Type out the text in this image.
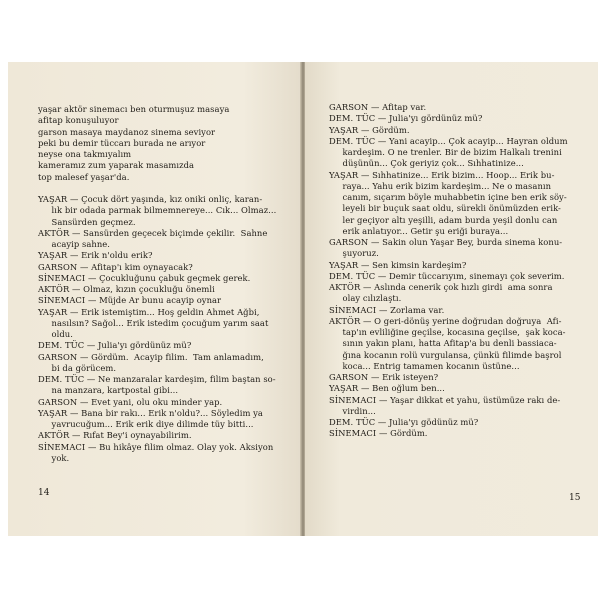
yaşar aktör sinemacı ben oturmuşuz masaya
afitap konuşuluyor
garson masaya maydanoz sinema seviyor
peki bu demir tüccarı burada ne arıyor
neyse ona takmıyalım
kameramız zum yaparak masamızda
top malesef yaşar'da.
YAŞAR — Çocuk dört yaşında, kız oniki onliç, karan-
lık bir odada parmak bilmemnereye... Cık... Olmaz...
Sansürden geçmez.
AKTÖR — Sansürden geçecek biçimde çekilir.  Sahne
acayip sahne.
YAŞAR — Erik n'oldu erik?
GARSON — Afitap'ı kim oynayacak?
SİNEMACI — Çocukluğunu çabuk geçmek gerek.
AKTÖR — Olmaz, kızın çocukluğu önemli
SİNEMACI — Müjde Ar bunu acayip oynar
YAŞAR — Erik istemiştim... Hoş geldin Ahmet Ağbi,
nasılsın? Sağol... Erik istedim çocuğum yarım saat
oldu.
DEM. TÜC — Julia'yı gördünüz mü?
GARSON — Gördüm.  Acayip filim.  Tam anlamadım,
bi da görücem.
DEM. TÜC — Ne manzaralar kardeşim, filim baştan so-
na manzara, kartpostal gibi...
GARSON — Evet yani, olu oku minder yap.
YAŞAR — Bana bir rakı... Erik n'oldu?... Söyledim ya
yavrucuğum... Erik erik diye dilimde tüy bitti...
AKTÖR — Rıfat Bey'i oynayabilirim.
SİNEMACI — Bu hikâye filim olmaz. Olay yok. Aksiyon
yok.
14
GARSON — Afitap var.
DEM. TÜC — Julia'yı gördünüz mü?
YAŞAR — Gördüm.
DEM. TÜC — Yani acayip... Çok acayip... Hayran oldum
kardeşim. O ne trenler. Bir de bizim Halkalı trenini
düşünün... Çok geriyiz çok... Sıhhatinize...
YAŞAR — Sıhhatinize... Erik bizim... Hoop... Erik bu-
raya... Yahu erik bizim kardeşim... Ne o masanın
canım, sıçarım böyle muhabbetin içine ben erik söy-
leyeli bir buçuk saat oldu, sürekli önümüzden erik-
ler geçiyor altı yeşilli, adam burda yeşil donlu can
erik anlatıyor... Getir şu eriği buraya...
GARSON — Sakin olun Yaşar Bey, burda sinema konu-
şuyoruz.
YAŞAR — Sen kimsin kardeşim?
DEM. TÜC — Demir tüccarıyım, sinemayı çok severim.
AKTÖR — Aslında cenerik çok hızlı girdi  ama sonra
olay cılızlaştı.
SİNEMACI — Zorlama var.
AKTÖR — O geri-dönüş yerine doğrudan doğruya  Afi-
tap'ın evliliğine geçilse, kocasına geçilse,  şak koca-
sının yakın planı, hatta Afitap'a bu denli bassiaca-
ğına kocanın rolü vurgulansa, çünkü filimde başrol
koca... Entrig tamamen kocanın üstüne...
GARSON — Erik isteyen?
YAŞAR — Ben oğlum ben...
SİNEMACI — Yaşar dikkat et yahu, üstümüze rakı de-
virdin...
DEM. TÜC — Julia'yı gödünüz mü?
SİNEMACI — Gördüm.
15
